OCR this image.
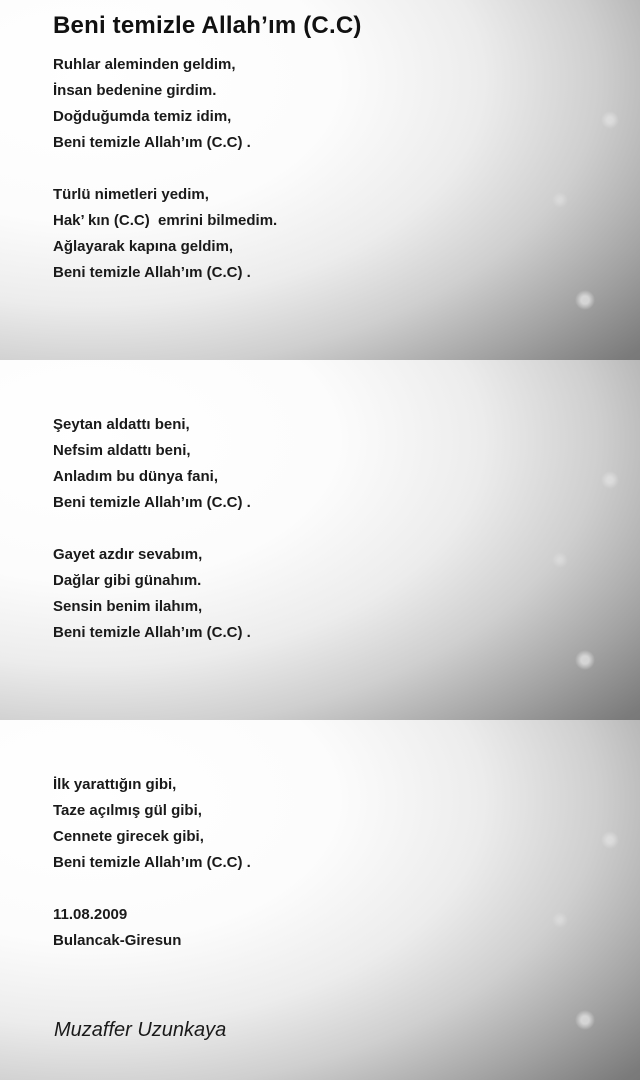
Beni temizle Allah’ım (C.C)
Ruhlar aleminden geldim,
İnsan bedenine girdim.
Doğduğumda temiz idim,
Beni temizle Allah’ım (C.C) .
Türlü nimetleri yedim,
Hak’ kın (C.C)  emrini bilmedim.
Ağlayarak kapına geldim,
Beni temizle Allah’ım (C.C) .
Şeytan aldattı beni,
Nefsim aldattı beni,
Anladım bu dünya fani,
Beni temizle Allah’ım (C.C) .
Gayet azdır sevabım,
Dağlar gibi günahım.
Sensin benim ilahım,
Beni temizle Allah’ım (C.C) .
İlk yarattığın gibi,
Taze açılmış gül gibi,
Cennete girecek gibi,
Beni temizle Allah’ım (C.C) .
11.08.2009
Bulancak-Giresun
Muzaffer Uzunkaya
